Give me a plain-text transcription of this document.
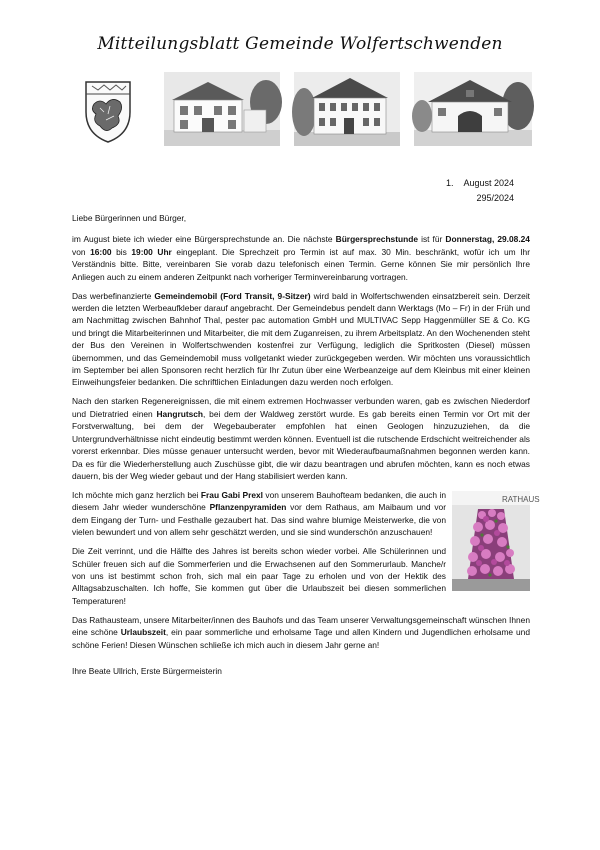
Mitteilungsblatt Gemeinde Wolfertschwenden
1. August 2024
295/2024

Liebe Bürgerinnen und Bürger,

im August biete ich wieder eine Bürgersprechstunde an. Die nächste Bürgersprechstunde ist für Donnerstag, 29.08.24 von 16:00 bis 19:00 Uhr eingeplant. Die Sprechzeit pro Termin ist auf max. 30 Min. beschränkt, wofür ich um Ihr Verständnis bitte. Bitte, vereinbaren Sie vorab dazu telefonisch einen Termin. Gerne können Sie mir persönlich Ihre Anliegen auch zu einem anderen Zeitpunkt nach vorheriger Terminvereinbarung vortragen.

Das werbefinanzierte Gemeindemobil (Ford Transit, 9-Sitzer) wird bald in Wolfertschwenden einsatzbereit sein. Derzeit werden die letzten Werbeaufkleber darauf angebracht. Der Gemeindebus pendelt dann Werktags (Mo – Fr) in der Früh und am Nachmittag zwischen Bahnhof Thal, pester pac automation GmbH und MULTIVAC Sepp Haggenmüller SE & Co. KG und bringt die Mitarbeiterinnen und Mitarbeiter, die mit dem Zuganreisen, zu ihrem Arbeitsplatz. An den Wochenenden steht der Bus den Vereinen in Wolfertschwenden kostenfrei zur Verfügung, lediglich die Spritkosten (Diesel) müssen übernommen, und das Gemeindemobil muss vollgetankt wieder zurückgegeben werden. Wir möchten uns voraussichtlich im September bei allen Sponsoren recht herzlich für Ihr Zutun über eine Werbeanzeige auf dem Kleinbus mit einer kleinen Einweihungsfeier bedanken. Die schriftlichen Einladungen dazu werden noch erfolgen.

Nach den starken Regenereignissen, die mit einem extremen Hochwasser verbunden waren, gab es zwischen Niederdorf und Dietratried einen Hangrutsch, bei dem der Waldweg zerstört wurde. Es gab bereits einen Termin vor Ort mit der Forstverwaltung, bei dem der Wegebauberater empfohlen hat einen Geologen hinzuzuziehen, da die Untergrundverhältnisse nicht eindeutig bestimmt werden können. Eventuell ist die rutschende Erdschicht weitreichender als vorerst erkennbar. Dies müsse genauer untersucht werden, bevor mit Wiederaufbaumaßnahmen begonnen werden kann. Da es für die Wiederherstellung auch Zuschüsse gibt, die wir dazu beantragen und abrufen möchten, kann es noch etwas dauern, bis der Weg wieder gebaut und der Hang stabilisiert werden kann.

RATHAUS

Ich möchte mich ganz herzlich bei Frau Gabi Prexl von unserem Bauhofteam bedanken, die auch in diesem Jahr wieder wunderschöne Pflanzenpyramiden vor dem Rathaus, am Maibaum und vor dem Eingang der Turn- und Festhalle gezaubert hat. Das sind wahre blumige Meisterwerke, die von vielen bewundert und von allem sehr geschätzt werden, und sie sind wunderschön anzuschauen!

Die Zeit verrinnt, und die Hälfte des Jahres ist bereits schon wieder vorbei. Alle Schülerinnen und Schüler freuen sich auf die Sommerferien und die Erwachsenen auf den Sommerurlaub. Manche/r von uns ist bestimmt schon froh, sich mal ein paar Tage zu erholen und von der Hektik des Alltagsabzuschalten. Ich hoffe, Sie kommen gut über die Urlaubszeit bei diesen sommerlichen Temperaturen!

Das Rathausteam, unsere Mitarbeiter/innen des Bauhofs und das Team unserer Verwaltungsgemeinschaft wünschen Ihnen eine schöne Urlaubszeit, ein paar sommerliche und erholsame Tage und allen Kindern und Jugendlichen erholsame und schöne Ferien! Diesen Wünschen schließe ich mich auch in diesem Jahr gerne an!

Ihre Beate Ullrich, Erste Bürgermeisterin
